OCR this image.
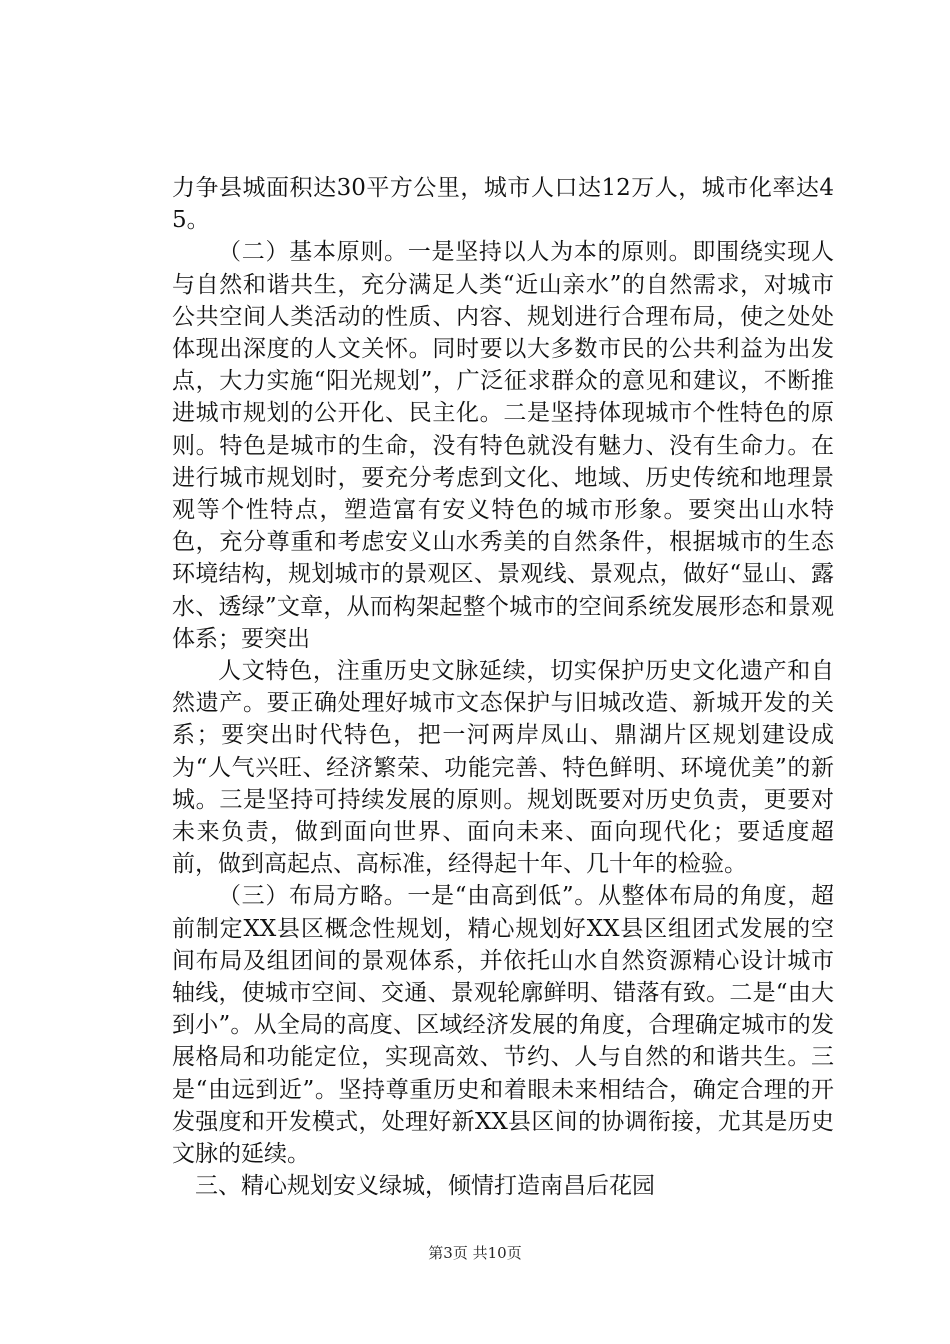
力争县城面积达30平方公里，城市人口达12万人，城市化率达45。

（二）基本原则。一是坚持以人为本的原则。即围绕实现人与自然和谐共生，充分满足人类“近山亲水”的自然需求，对城市公共空间人类活动的性质、内容、规划进行合理布局，使之处处体现出深度的人文关怀。同时要以大多数市民的公共利益为出发点，大力实施“阳光规划”，广泛征求群众的意见和建议，不断推进城市规划的公开化、民主化。二是坚持体现城市个性特色的原则。特色是城市的生命，没有特色就没有魅力、没有生命力。在进行城市规划时，要充分考虑到文化、地域、历史传统和地理景观等个性特点，塑造富有安义特色的城市形象。要突出山水特色，充分尊重和考虑安义山水秀美的自然条件，根据城市的生态环境结构，规划城市的景观区、景观线、景观点，做好“显山、露水、透绿”文章，从而构架起整个城市的空间系统发展形态和景观体系；要突出

人文特色，注重历史文脉延续，切实保护历史文化遗产和自然遗产。要正确处理好城市文态保护与旧城改造、新城开发的关系；要突出时代特色，把一河两岸凤山、鼎湖片区规划建设成为“人气兴旺、经济繁荣、功能完善、特色鲜明、环境优美”的新城。三是坚持可持续发展的原则。规划既要对历史负责，更要对未来负责，做到面向世界、面向未来、面向现代化；要适度超前，做到高起点、高标准，经得起十年、几十年的检验。

（三）布局方略。一是“由高到低”。从整体布局的角度，超前制定XX县区概念性规划，精心规划好XX县区组团式发展的空间布局及组团间的景观体系，并依托山水自然资源精心设计城市轴线，使城市空间、交通、景观轮廓鲜明、错落有致。二是“由大到小”。从全局的高度、区域经济发展的角度，合理确定城市的发展格局和功能定位，实现高效、节约、人与自然的和谐共生。三是“由远到近”。坚持尊重历史和着眼未来相结合，确定合理的开发强度和开发模式，处理好新XX县区间的协调衔接，尤其是历史文脉的延续。

三、精心规划安义绿城，倾情打造南昌后花园

第3页 共10页
